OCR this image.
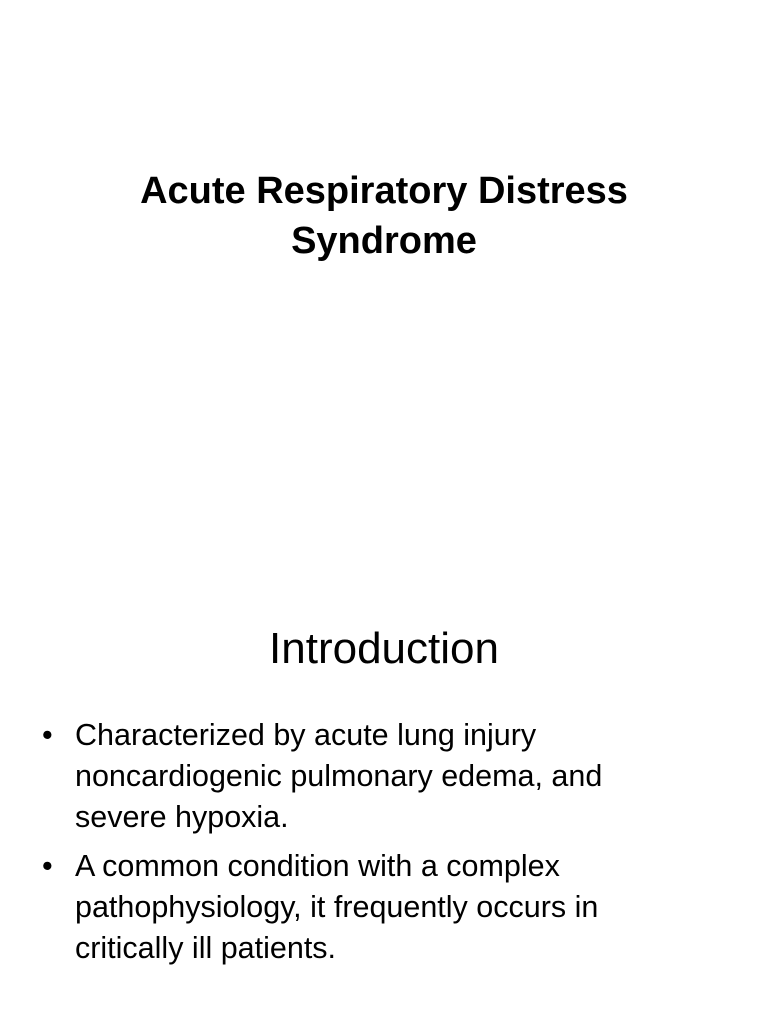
Acute Respiratory Distress
Syndrome
Introduction
• Characterized by acute lung injury
noncardiogenic pulmonary edema, and
severe hypoxia.
• A common condition with a complex
pathophysiology, it frequently occurs in
critically ill patients.
